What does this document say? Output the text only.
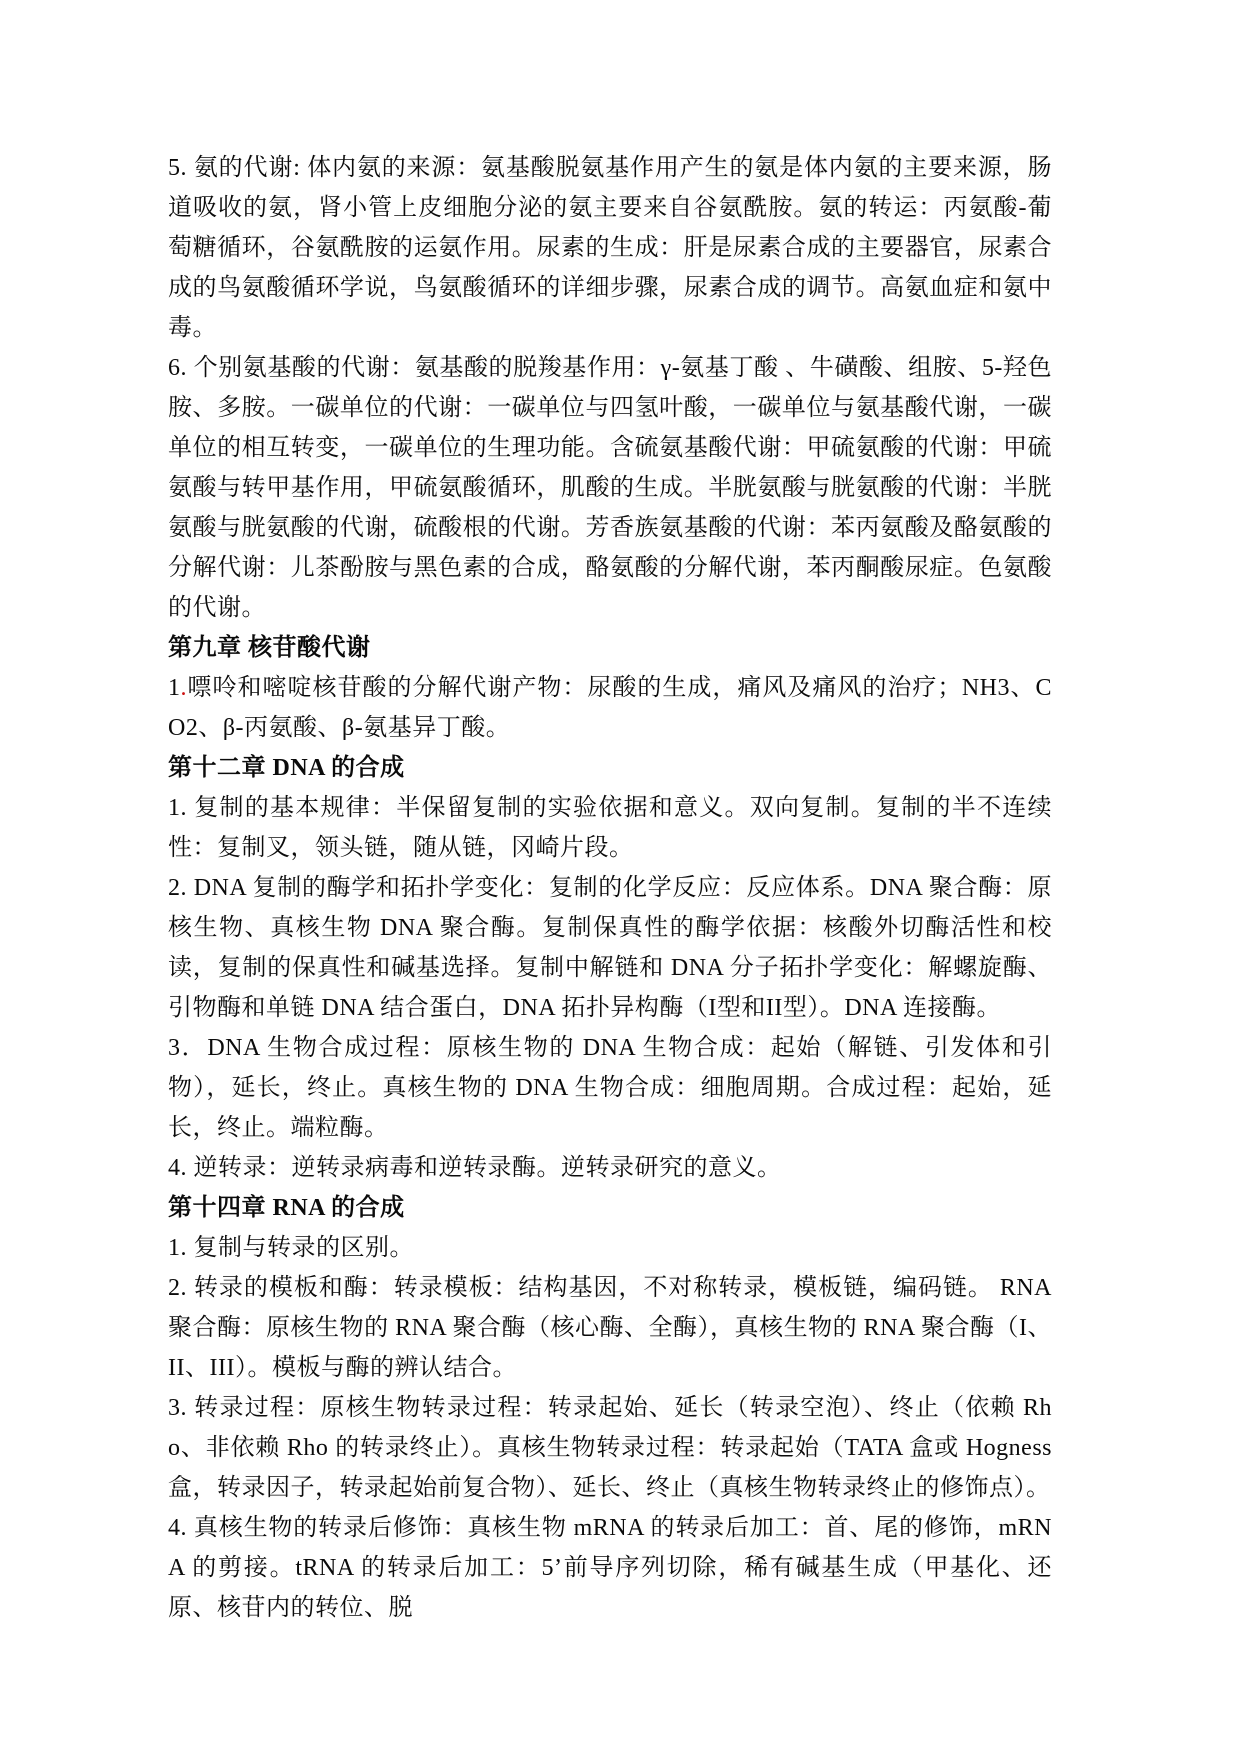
5. 氨的代谢: 体内氨的来源：氨基酸脱氨基作用产生的氨是体内氨的主要来源，肠道吸收的氨，肾小管上皮细胞分泌的氨主要来自谷氨酰胺。氨的转运：丙氨酸-葡萄糖循环，谷氨酰胺的运氨作用。尿素的生成：肝是尿素合成的主要器官，尿素合成的鸟氨酸循环学说，鸟氨酸循环的详细步骤，尿素合成的调节。高氨血症和氨中毒。

6. 个别氨基酸的代谢：氨基酸的脱羧基作用：γ-氨基丁酸 、牛磺酸、组胺、5-羟色胺、多胺。一碳单位的代谢：一碳单位与四氢叶酸，一碳单位与氨基酸代谢，一碳单位的相互转变，一碳单位的生理功能。含硫氨基酸代谢：甲硫氨酸的代谢：甲硫氨酸与转甲基作用，甲硫氨酸循环，肌酸的生成。半胱氨酸与胱氨酸的代谢：半胱氨酸与胱氨酸的代谢，硫酸根的代谢。芳香族氨基酸的代谢：苯丙氨酸及酪氨酸的分解代谢：儿茶酚胺与黑色素的合成，酪氨酸的分解代谢，苯丙酮酸尿症。色氨酸的代谢。

第九章 核苷酸代谢

1.嘌呤和嘧啶核苷酸的分解代谢产物：尿酸的生成，痛风及痛风的治疗；NH3、CO2、β-丙氨酸、β-氨基异丁酸。

第十二章 DNA 的合成

1. 复制的基本规律：半保留复制的实验依据和意义。双向复制。复制的半不连续性：复制叉，领头链，随从链，冈崎片段。

2. DNA 复制的酶学和拓扑学变化：复制的化学反应：反应体系。DNA 聚合酶：原核生物、真核生物 DNA 聚合酶。复制保真性的酶学依据：核酸外切酶活性和校读，复制的保真性和碱基选择。复制中解链和 DNA 分子拓扑学变化：解螺旋酶、引物酶和单链 DNA 结合蛋白，DNA 拓扑异构酶（I型和II型）。DNA 连接酶。

3．DNA 生物合成过程：原核生物的 DNA 生物合成：起始（解链、引发体和引物），延长，终止。真核生物的 DNA 生物合成：细胞周期。合成过程：起始，延长，终止。端粒酶。

4. 逆转录：逆转录病毒和逆转录酶。逆转录研究的意义。

第十四章 RNA 的合成

1. 复制与转录的区别。

2. 转录的模板和酶：转录模板：结构基因，不对称转录，模板链，编码链。 RNA 聚合酶：原核生物的 RNA 聚合酶（核心酶、全酶），真核生物的 RNA 聚合酶（I、II、III）。模板与酶的辨认结合。

3. 转录过程：原核生物转录过程：转录起始、延长（转录空泡）、终止（依赖 Rho、非依赖 Rho 的转录终止）。真核生物转录过程：转录起始（TATA 盒或 Hogness 盒，转录因子，转录起始前复合物）、延长、终止（真核生物转录终止的修饰点）。

4. 真核生物的转录后修饰：真核生物 mRNA 的转录后加工：首、尾的修饰，mRNA 的剪接。tRNA 的转录后加工：5’前导序列切除，稀有碱基生成（甲基化、还原、核苷内的转位、脱
